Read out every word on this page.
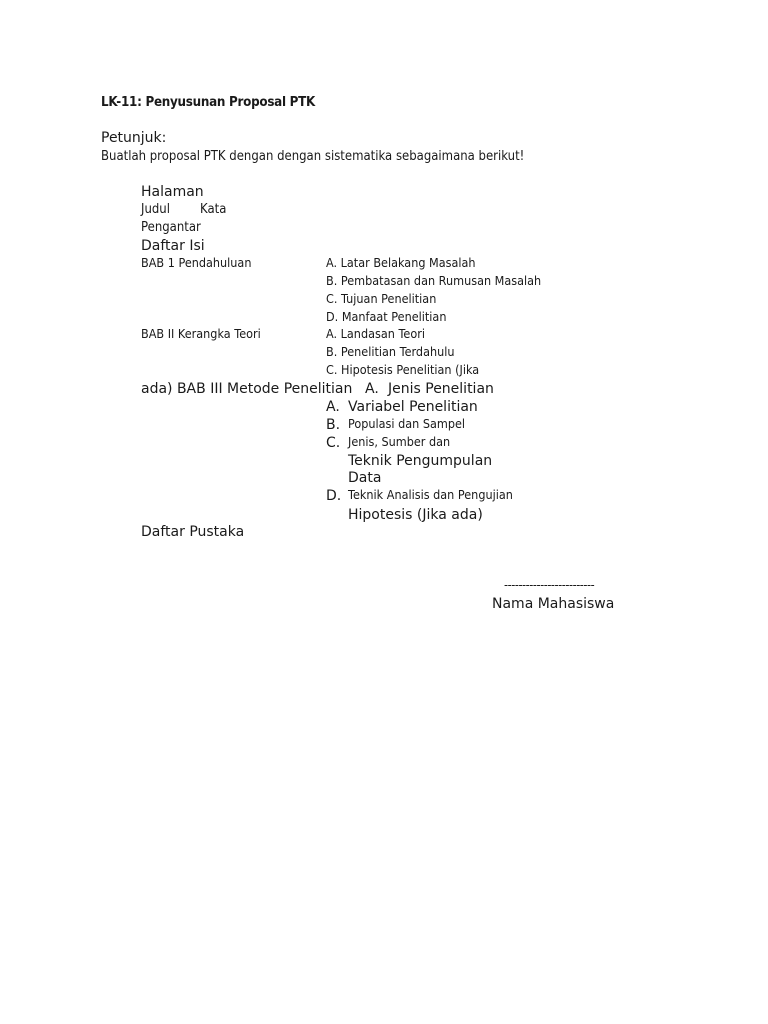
LK-11: Penyusunan Proposal PTK
Petunjuk:
Buatlah proposal PTK dengan dengan sistematika sebagaimana berikut!
Halaman
Judul Kata
Pengantar
Daftar Isi
BAB 1 Pendahuluan	A. Latar Belakang Masalah
B. Pembatasan dan Rumusan Masalah
C. Tujuan Penelitian
D. Manfaat Penelitian
BAB II Kerangka Teori	A. Landasan Teori
B. Penelitian Terdahulu
C. Hipotesis Penelitian (Jika
ada) BAB III Metode Penelitian A. Jenis Penelitian
A. Variabel Penelitian
B. Populasi dan Sampel
C. Jenis, Sumber dan
Teknik Pengumpulan
Data
D. Teknik Analisis dan Pengujian
Hipotesis (Jika ada)
Daftar Pustaka
-------------------------
Nama Mahasiswa
